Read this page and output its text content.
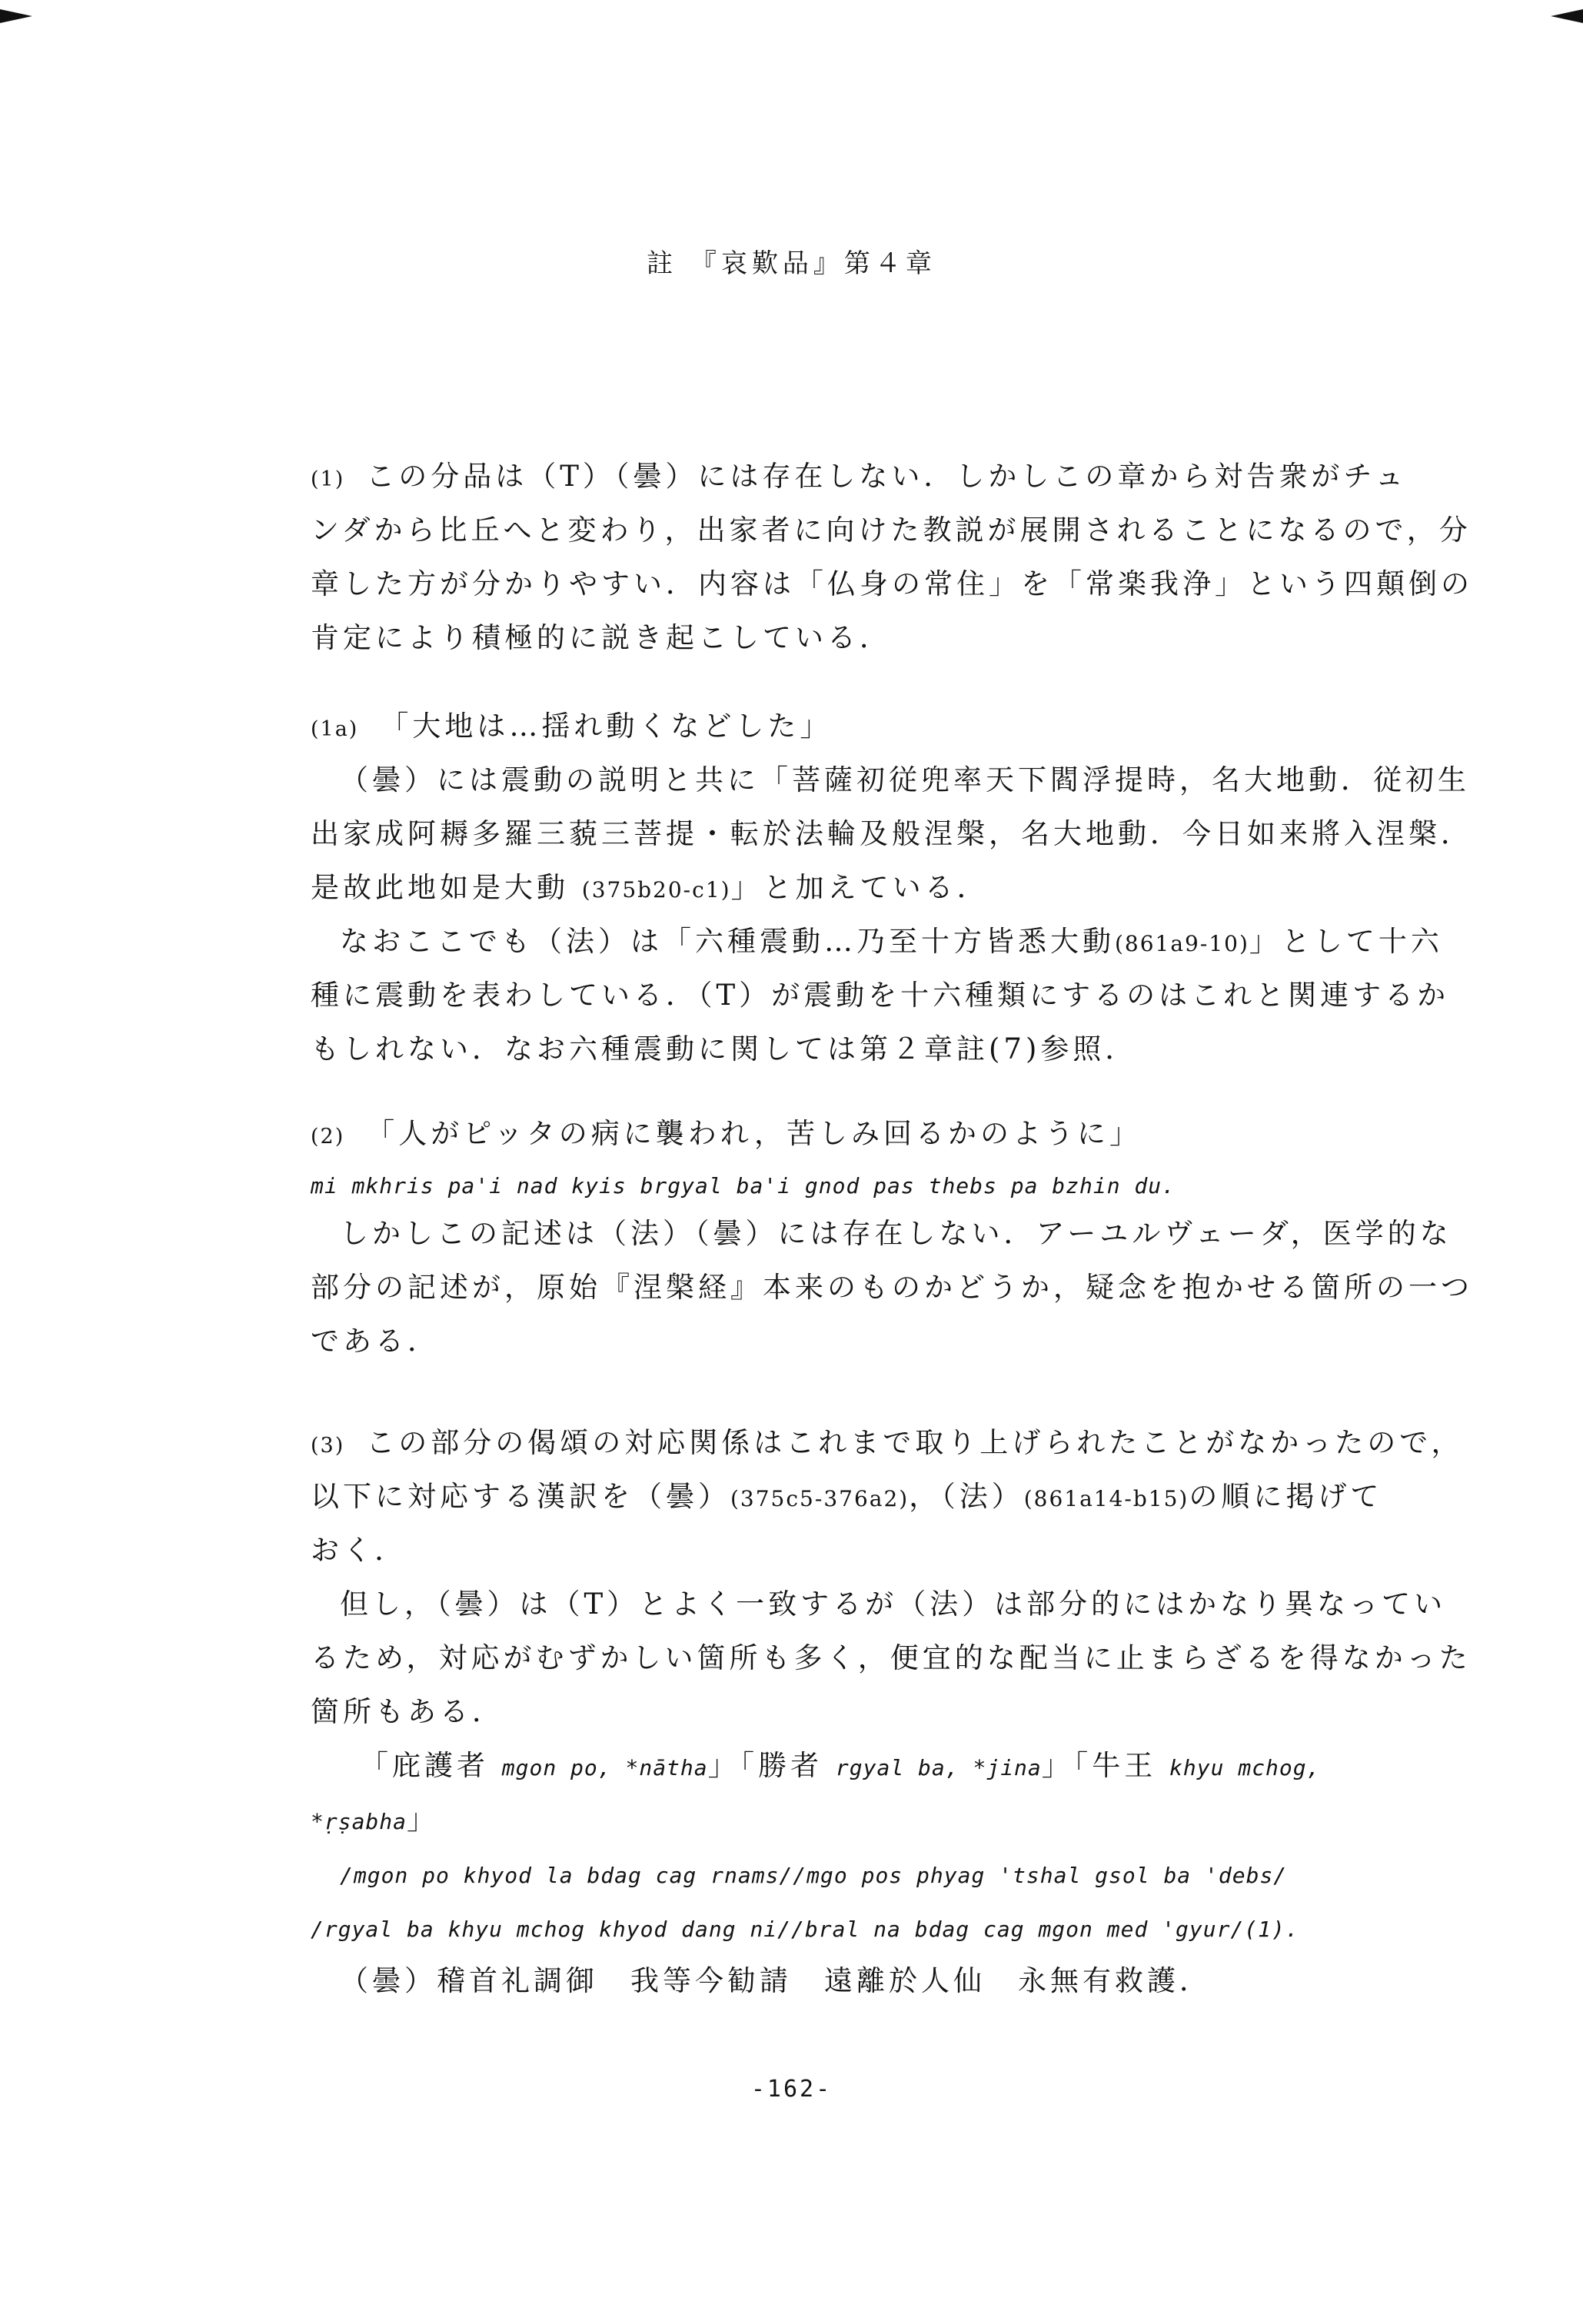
註 『哀歎品』第４章
(1) この分品は（T）（曇）には存在しない．しかしこの章から対告衆がチュ
ンダから比丘へと変わり，出家者に向けた教説が展開されることになるので，分
章した方が分かりやすい．内容は「仏身の常住」を「常楽我浄」という四顛倒の
肯定により積極的に説き起こしている．
(1a) 「大地は…揺れ動くなどした」
（曇）には震動の説明と共に「菩薩初従兜率天下閻浮提時，名大地動．従初生
出家成阿耨多羅三藐三菩提・転於法輪及般涅槃，名大地動．今日如来將入涅槃．
是故此地如是大動 (375b20-c1)」と加えている．
なおここでも（法）は「六種震動…乃至十方皆悉大動(861a9-10)」として十六
種に震動を表わしている．（T）が震動を十六種類にするのはこれと関連するか
もしれない．なお六種震動に関しては第２章註(7)参照．
(2) 「人がピッタの病に襲われ，苦しみ回るかのように」
mi mkhris pa'i nad kyis brgyal ba'i gnod pas thebs pa bzhin du.
しかしこの記述は（法）（曇）には存在しない．アーユルヴェーダ，医学的な
部分の記述が，原始『涅槃経』本来のものかどうか，疑念を抱かせる箇所の一つ
である．
(3) この部分の偈頌の対応関係はこれまで取り上げられたことがなかったので，
以下に対応する漢訳を（曇）(375c5-376a2)，（法）(861a14-b15)の順に掲げて
おく．
但し，（曇）は（T）とよく一致するが（法）は部分的にはかなり異なってい
るため，対応がむずかしい箇所も多く，便宜的な配当に止まらざるを得なかった
箇所もある．
「庇護者 mgon po, *nātha」「勝者 rgyal ba, *jina」「牛王 khyu mchog,
*ṛṣabha」
/mgon po khyod la bdag cag rnams//mgo pos phyag 'tshal gsol ba 'debs/
/rgyal ba khyu mchog khyod dang ni//bral na bdag cag mgon med 'gyur/(1).
（曇）稽首礼調御　我等今勧請　遠離於人仙　永無有救護．
-162-
